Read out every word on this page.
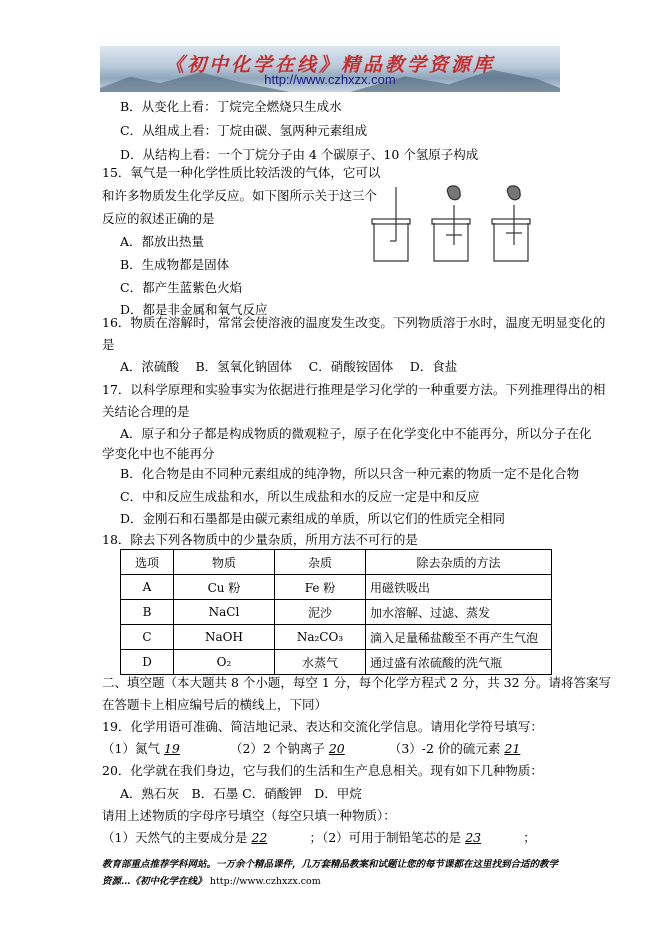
《初中化学在线》精品教学资源库
http://www.czhxzx.com
B．从变化上看：丁烷完全燃烧只生成水
C．从组成上看：丁烷由碳、氢两种元素组成
D．从结构上看：一个丁烷分子由 4 个碳原子、10 个氢原子构成
15．氧气是一种化学性质比较活泼的气体，它可以
和许多物质发生化学反应。如下图所示关于这三个
反应的叙述正确的是
A．都放出热量
B．生成物都是固体
C．都产生蓝紫色火焰
D．都是非金属和氧气反应
16．物质在溶解时，常常会使溶液的温度发生改变。下列物质溶于水时，温度无明显变化的
是
A．浓硫酸　 B．氢氧化钠固体　 C．硝酸铵固体　 D．食盐
17．以科学原理和实验事实为依据进行推理是学习化学的一种重要方法。下列推理得出的相
关结论合理的是
A．原子和分子都是构成物质的微观粒子，原子在化学变化中不能再分，所以分子在化
学变化中也不能再分
B．化合物是由不同种元素组成的纯净物，所以只含一种元素的物质一定不是化合物
C．中和反应生成盐和水，所以生成盐和水的反应一定是中和反应
D．金刚石和石墨都是由碳元素组成的单质，所以它们的性质完全相同
18．除去下列各物质中的少量杂质，所用方法不可行的是
选项	物质	杂质	除去杂质的方法
A	Cu 粉	Fe 粉	用磁铁吸出
B	NaCl	泥沙	加水溶解、过滤、蒸发
C	NaOH	Na₂CO₃	滴入足量稀盐酸至不再产生气泡
D	O₂	水蒸气	通过盛有浓硫酸的洗气瓶
二、填空题（本大题共 8 个小题，每空 1 分，每个化学方程式 2 分，共 32 分。请将答案写
在答题卡上相应编号后的横线上，下同）
19．化学用语可准确、简洁地记录、表达和交流化学信息。请用化学符号填写：
（1）氮气 19	（2）2 个钠离子 20	（3）-2 价的硫元素 21
20．化学就在我们身边，它与我们的生活和生产息息相关。现有如下几种物质：
A．熟石灰　B．石墨 C．硝酸钾　D．甲烷
请用上述物质的字母序号填空（每空只填一种物质）：
（1）天然气的主要成分是 22	；（2）可用于制铅笔芯的是 23	；
教育部重点推荐学科网站。一万余个精品课件，几万套精品教案和试题让您的每节课都在这里找到合适的教学资源…《初中化学在线》 http://www.czhxzx.com
